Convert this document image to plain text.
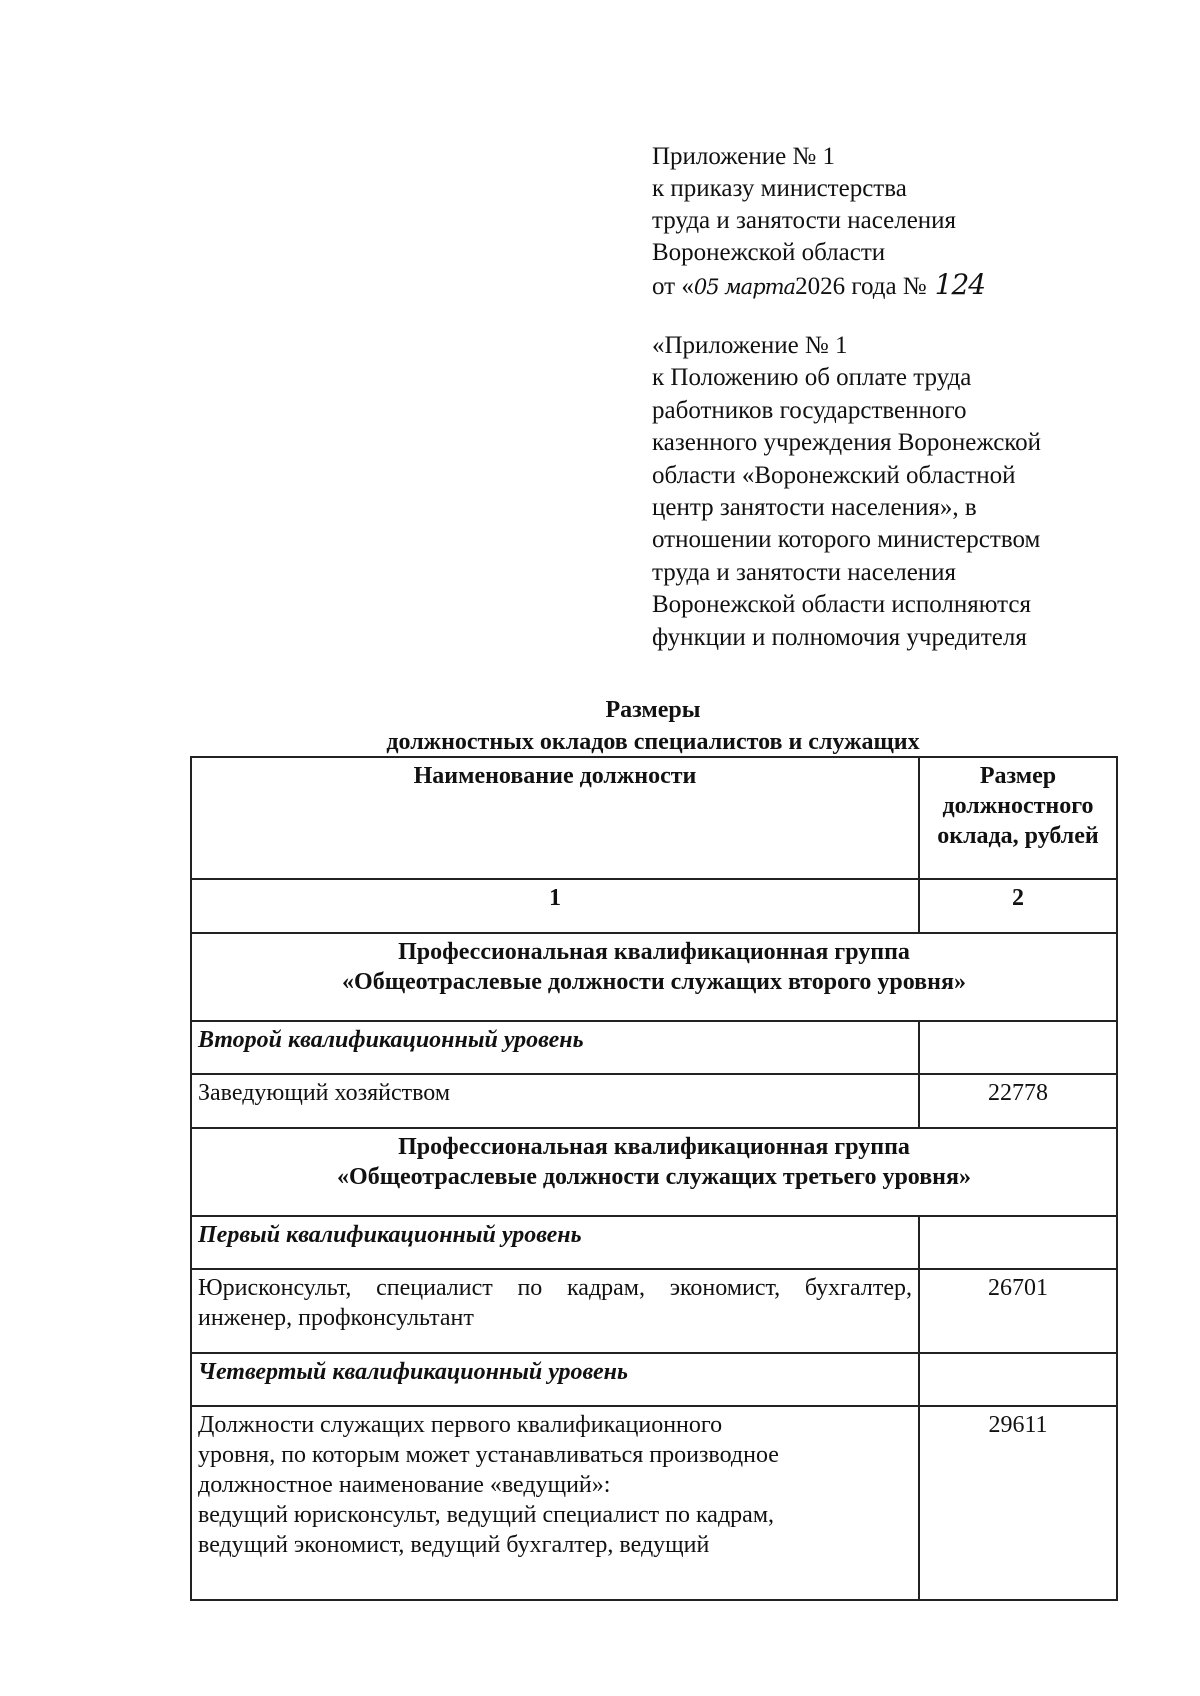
Приложение № 1
к приказу министерства
труда и занятости населения
Воронежской области
от «05 марта2026 года № 124
«Приложение № 1
к Положению об оплате труда
работников государственного
казенного учреждения Воронежской
области «Воронежский областной
центр занятости населения», в
отношении которого министерством
труда и занятости населения
Воронежской области исполняются
функции и полномочия учредителя
Размеры
должностных окладов специалистов и служащих
Наименование должности	Размер
должностного
оклада, рублей

1	2

Профессиональная квалификационная группа
«Общеотраслевые должности служащих второго уровня»	

Второй квалификационный уровень	
Заведующий хозяйством	22778

Профессиональная квалификационная группа
«Общеотраслевые должности служащих третьего уровня»	

Первый квалификационный уровень	
Юрисконсульт, специалист по кадрам, экономист, бухгалтер, инженер, профконсультант	26701
Четвертый квалификационный уровень	

Должности служащих первого квалификационного
уровня, по которым может устанавливаться производное
должностное наименование «ведущий»:
ведущий юрисконсульт, ведущий специалист по кадрам,
ведущий экономист, ведущий бухгалтер, ведущий	29611
